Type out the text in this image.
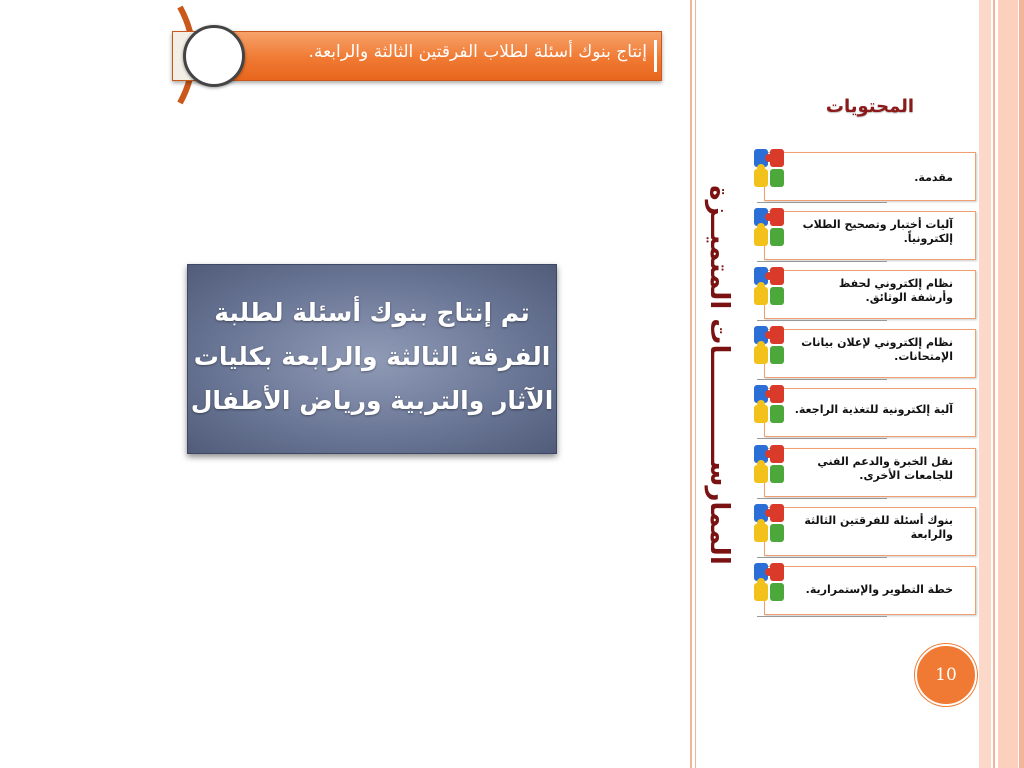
إنتاج بنوك أسئلة لطلاب الفرقتين الثالثة والرابعة.
تم إنتاج بنوك أسئلة لطلبة
الفرقة الثالثة والرابعة بكليات
الآثار والتربية ورياض الأطفال	الممارســــــــــــات المتميــزة
المحتويات
مقدمة.
آليات أختبار وتصحيح الطلاب إلكترونياً.
نظام إلكتروني لحفظ وأرشفة الوثائق.
نظام إلكتروني لإعلان بيانات الإمتحانات.
آلية إلكترونية للتغذية الراجعة.
نقل الخبرة والدعم الفني للجامعات الأخرى.
بنوك أسئلة للفرقتين الثالثة والرابعة
خطة التطوير والإستمرارية.
10
